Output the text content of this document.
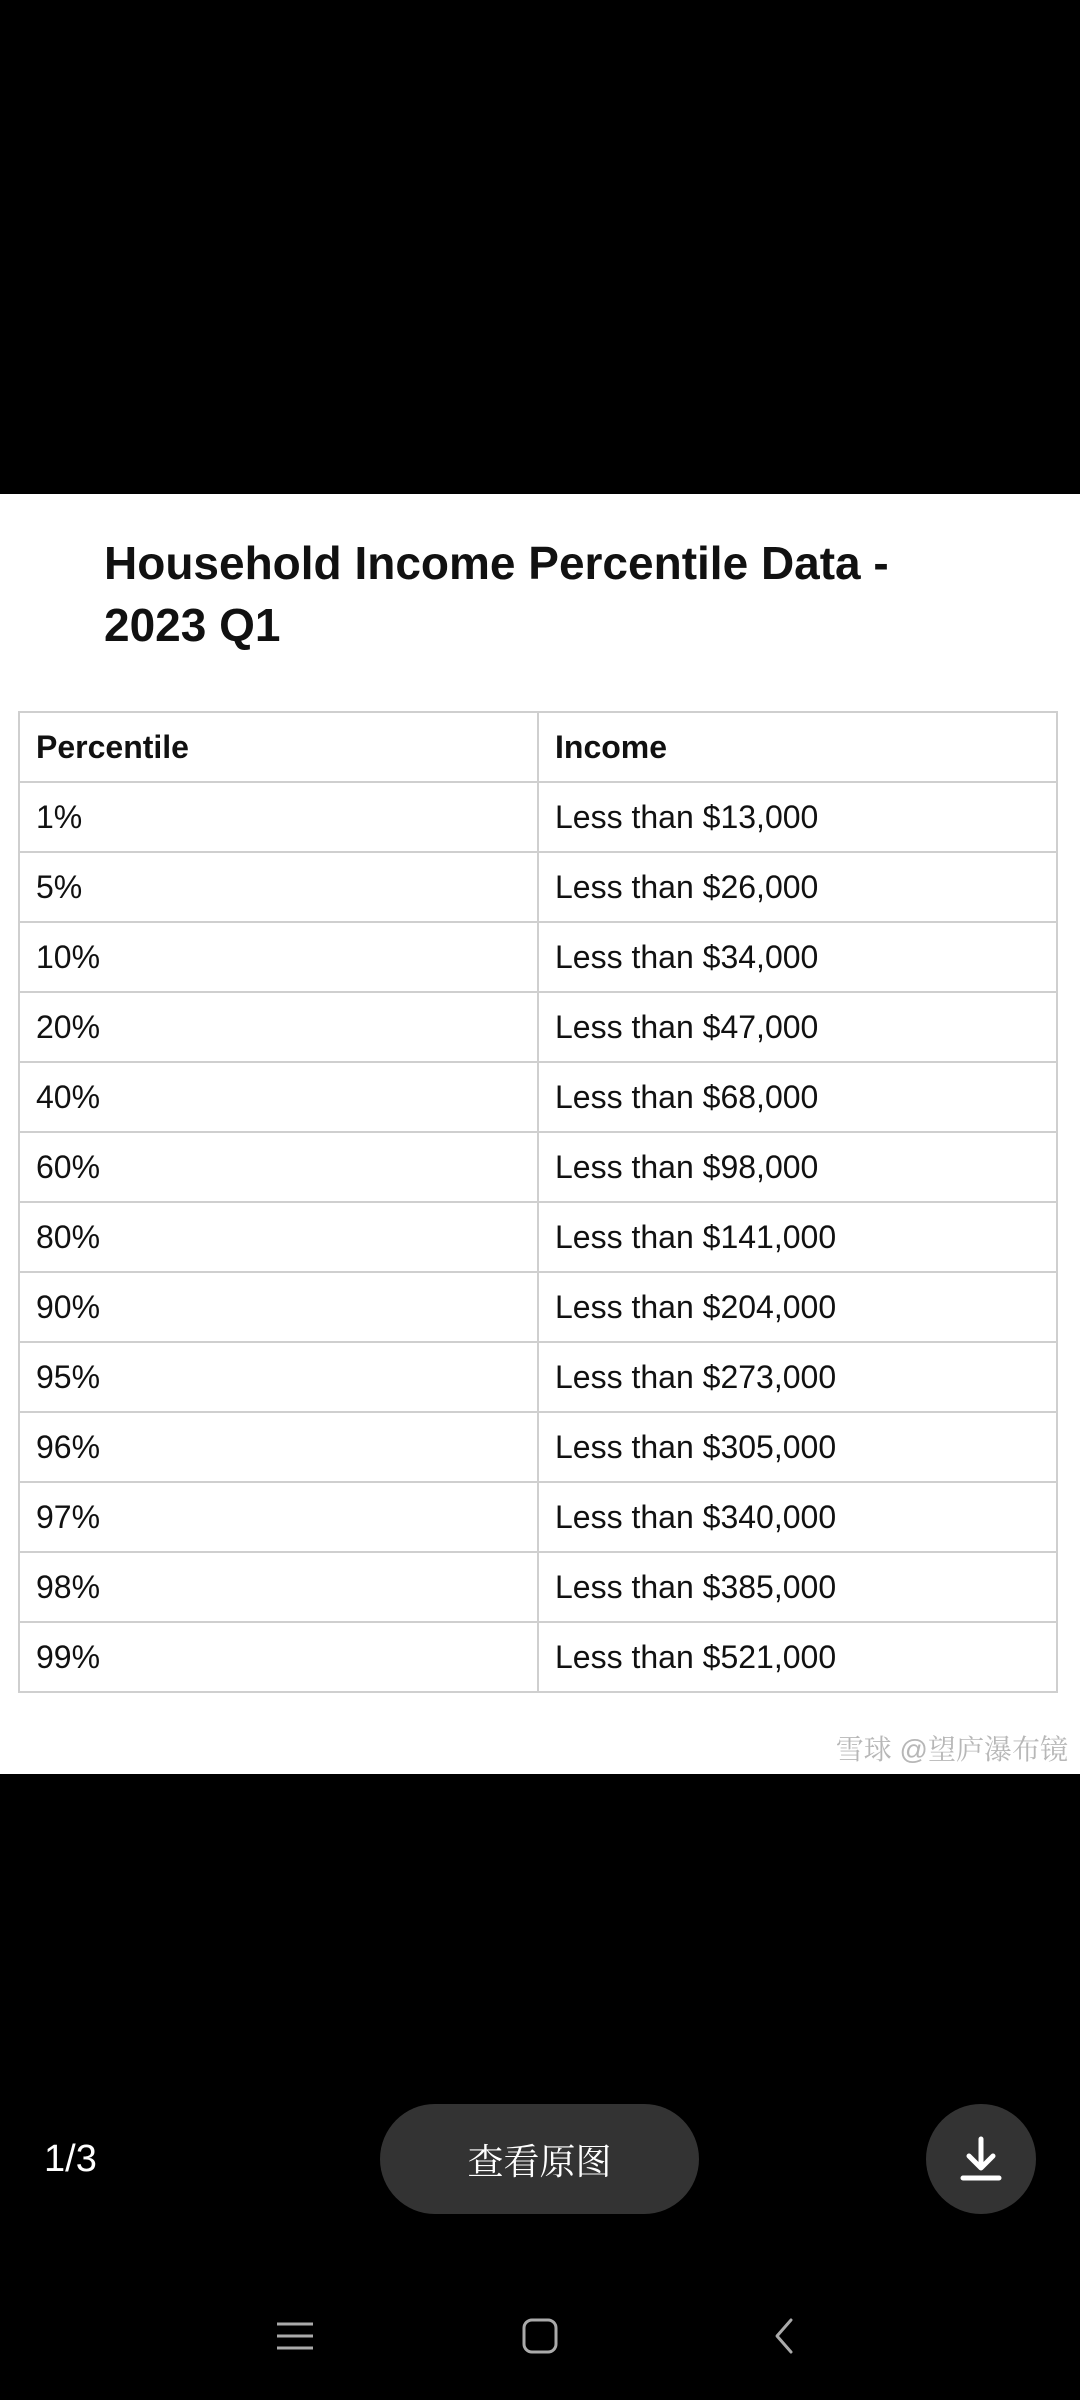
Household Income Percentile Data - 2023 Q1
Percentile	Income
1%	Less than $13,000
5%	Less than $26,000
10%	Less than $34,000
20%	Less than $47,000
40%	Less than $68,000
60%	Less than $98,000
80%	Less than $141,000
90%	Less than $204,000
95%	Less than $273,000
96%	Less than $305,000
97%	Less than $340,000
98%	Less than $385,000
99%	Less than $521,000
雪球 @望庐瀑布镜
1/3	查看原图
